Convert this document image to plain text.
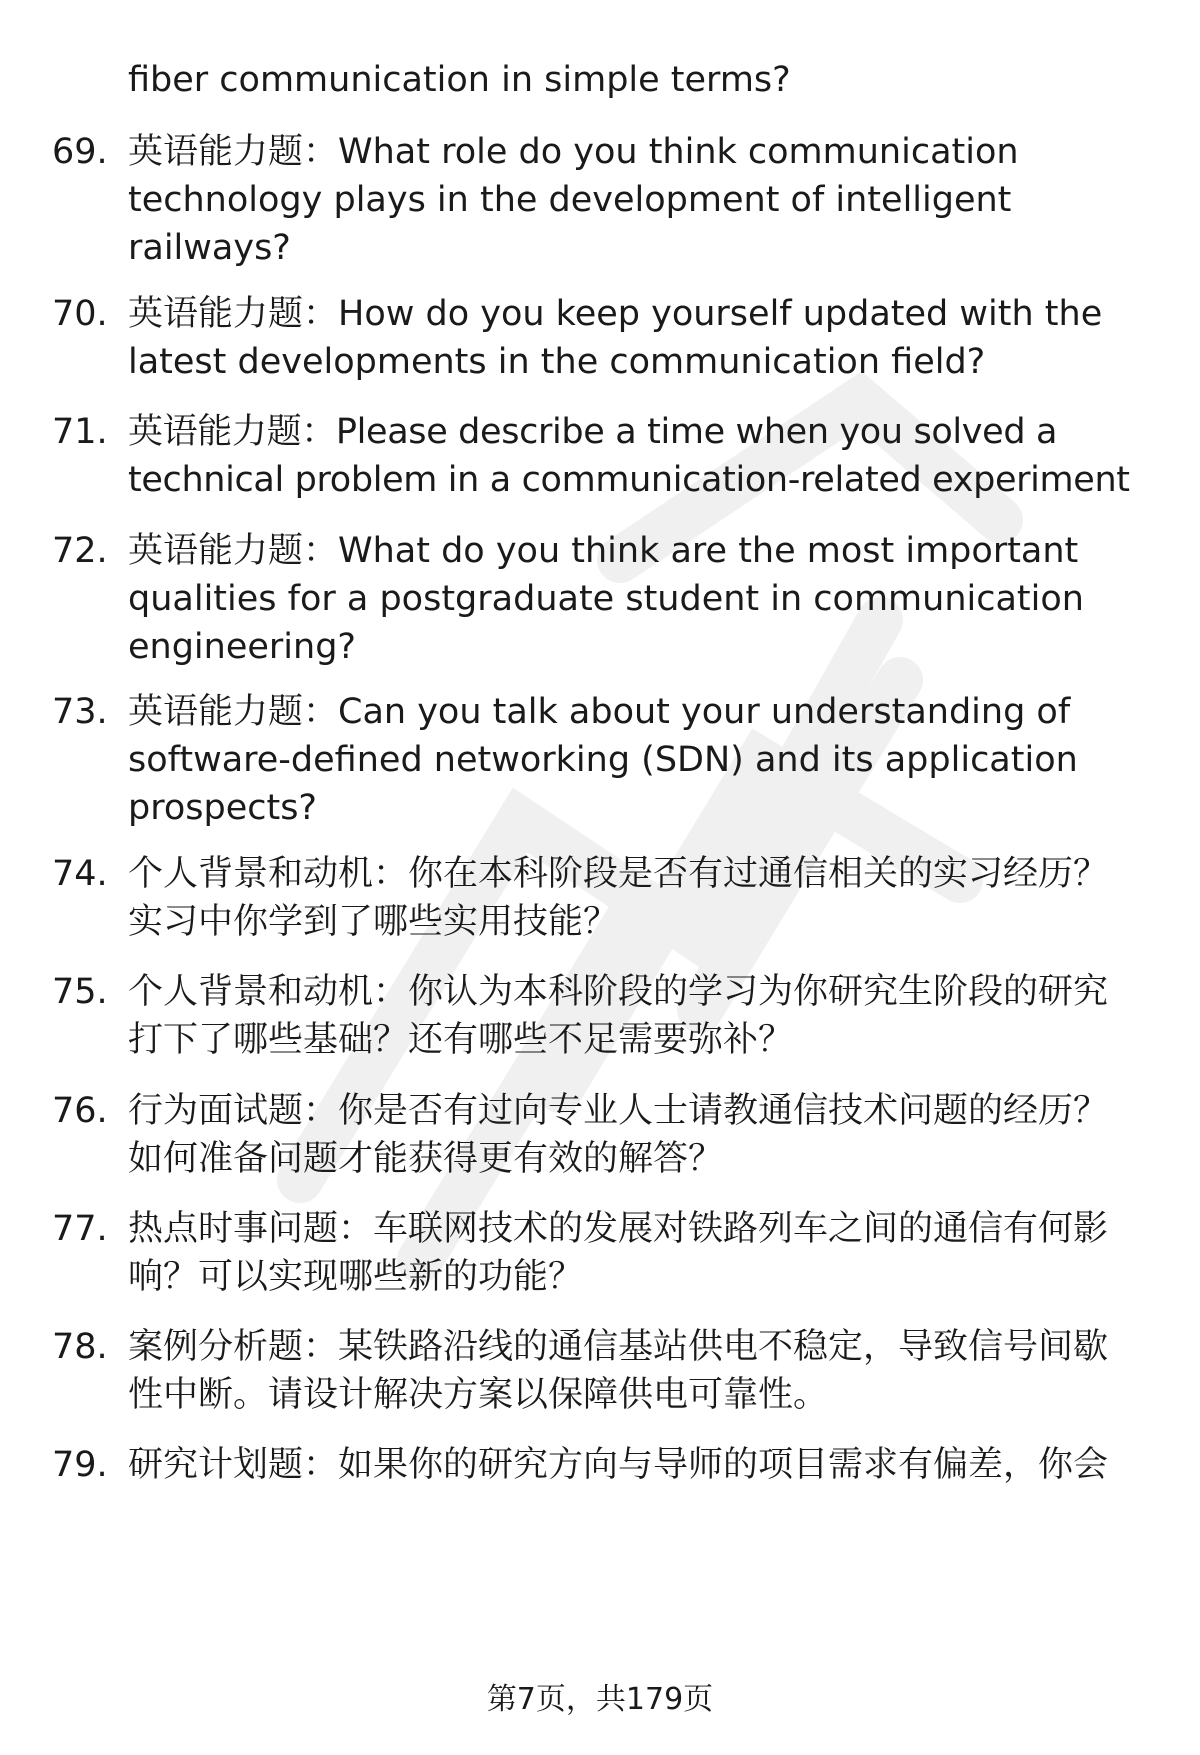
fiber communication in simple terms?
69. 英语能力题：What role do you think communication technology plays in the development of intelligent railways?
70. 英语能力题：How do you keep yourself updated with the latest developments in the communication field?
71. 英语能力题：Please describe a time when you solved a technical problem in a communication-related experiment
72. 英语能力题：What do you think are the most important qualities for a postgraduate student in communication engineering?
73. 英语能力题：Can you talk about your understanding of software-defined networking (SDN) and its application prospects?
74. 个人背景和动机：你在本科阶段是否有过通信相关的实习经历？实习中你学到了哪些实用技能？
75. 个人背景和动机：你认为本科阶段的学习为你研究生阶段的研究打下了哪些基础？还有哪些不足需要弥补？
76. 行为面试题：你是否有过向专业人士请教通信技术问题的经历？如何准备问题才能获得更有效的解答？
77. 热点时事问题：车联网技术的发展对铁路列车之间的通信有何影响？可以实现哪些新的功能？
78. 案例分析题：某铁路沿线的通信基站供电不稳定，导致信号间歇性中断。请设计解决方案以保障供电可靠性。
79. 研究计划题：如果你的研究方向与导师的项目需求有偏差，你会
第7页，共179页
